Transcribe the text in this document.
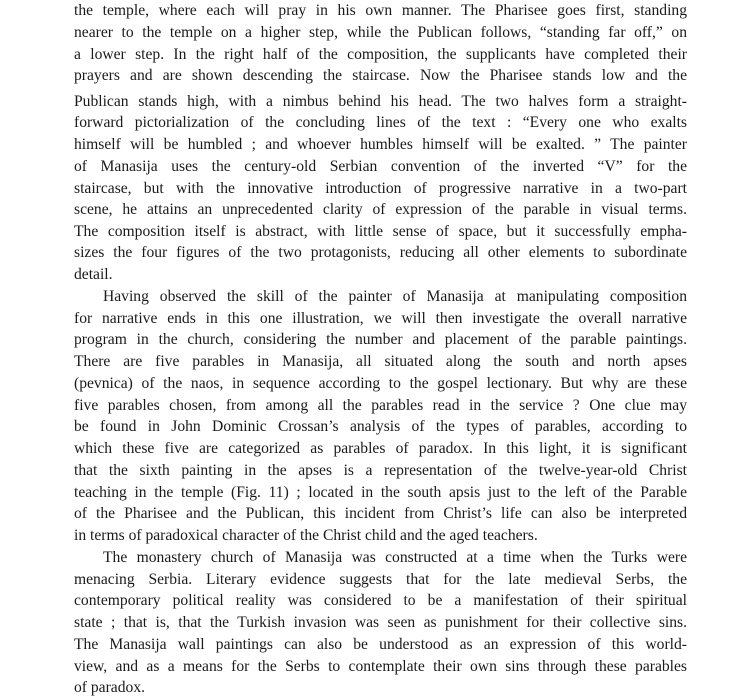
the temple, where each will pray in his own manner. The Pharisee goes first, standing
nearer to the temple on a higher step, while the Publican follows, “standing far off,” on
a lower step. In the right half of the composition, the supplicants have completed their
prayers and are shown descending the staircase. Now the Pharisee stands low and the
Publican stands high, with a nimbus behind his head. The two halves form a straight-
forward pictorialization of the concluding lines of the text : “Every one who exalts
himself will be humbled ; and whoever humbles himself will be exalted. ” The painter
of Manasija uses the century-old Serbian convention of the inverted “V” for the
staircase, but with the innovative introduction of progressive narrative in a two-part
scene, he attains an unprecedented clarity of expression of the parable in visual terms.
The composition itself is abstract, with little sense of space, but it successfully empha-
sizes the four figures of the two protagonists, reducing all other elements to subordinate
detail.
Having observed the skill of the painter of Manasija at manipulating composition
for narrative ends in this one illustration, we will then investigate the overall narrative
program in the church, considering the number and placement of the parable paintings.
There are five parables in Manasija, all situated along the south and north apses
(pevnica) of the naos, in sequence according to the gospel lectionary. But why are these
five parables chosen, from among all the parables read in the service ? One clue may
be found in John Dominic Crossan’s analysis of the types of parables, according to
which these five are categorized as parables of paradox. In this light, it is significant
that the sixth painting in the apses is a representation of the twelve-year-old Christ
teaching in the temple (Fig. 11) ; located in the south apsis just to the left of the Parable
of the Pharisee and the Publican, this incident from Christ’s life can also be interpreted
in terms of paradoxical character of the Christ child and the aged teachers.
The monastery church of Manasija was constructed at a time when the Turks were
menacing Serbia. Literary evidence suggests that for the late medieval Serbs, the
contemporary political reality was considered to be a manifestation of their spiritual
state ; that is, that the Turkish invasion was seen as punishment for their collective sins.
The Manasija wall paintings can also be understood as an expression of this world-
view, and as a means for the Serbs to contemplate their own sins through these parables
of paradox.
